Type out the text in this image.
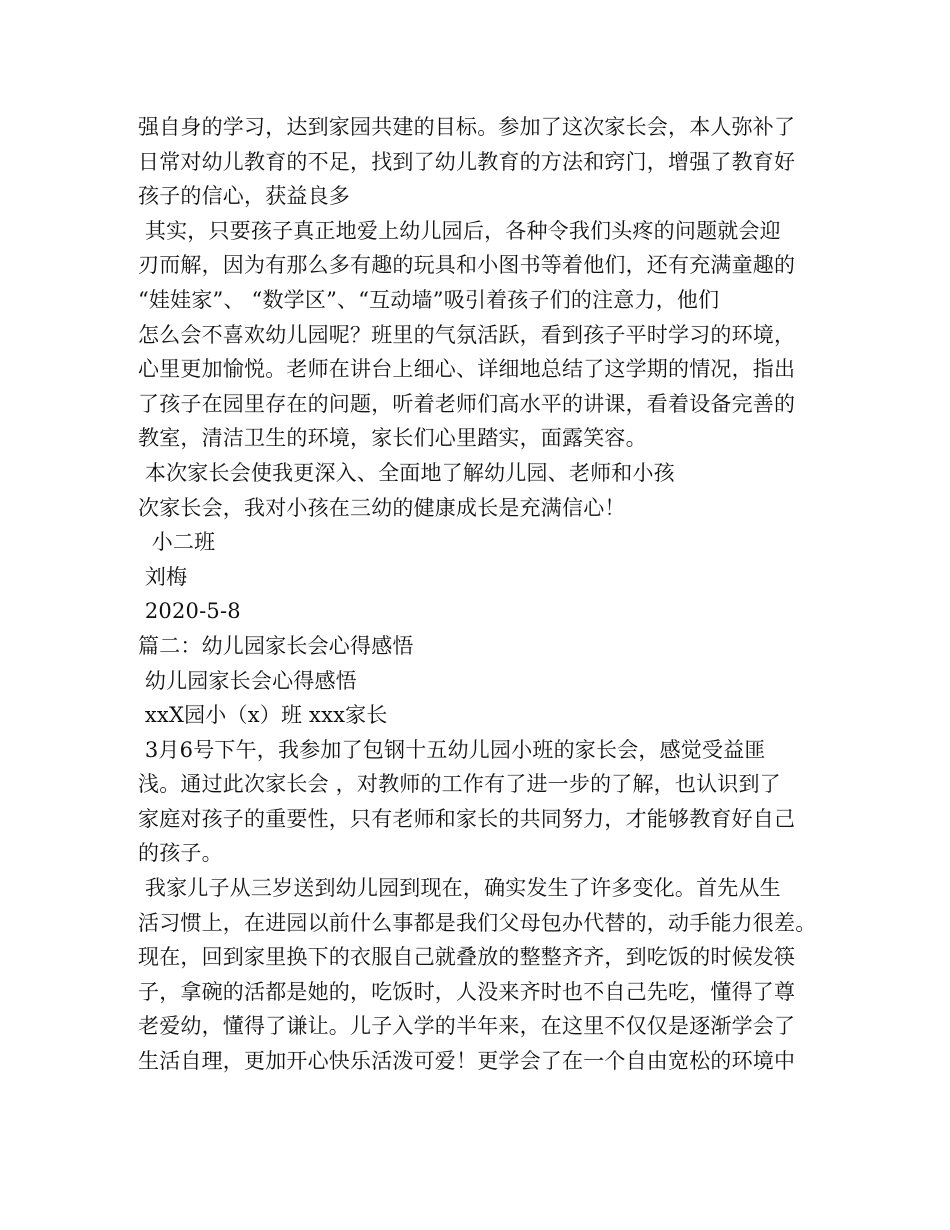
强自身的学习，达到家园共建的目标。参加了这次家长会，本人弥补了
日常对幼儿教育的不足，找到了幼儿教育的方法和窍门，增强了教育好
孩子的信心，获益良多
其实，只要孩子真正地爱上幼儿园后，各种令我们头疼的问题就会迎
刃而解，因为有那么多有趣的玩具和小图书等着他们，还有充满童趣的
“娃娃家”、 “数学区”、“互动墙”吸引着孩子们的注意力，他们
怎么会不喜欢幼儿园呢？班里的气氛活跃，看到孩子平时学习的环境，
心里更加愉悦。老师在讲台上细心、详细地总结了这学期的情况，指出
了孩子在园里存在的问题，听着老师们高水平的讲课，看着设备完善的
教室，清洁卫生的环境，家长们心里踏实，面露笑容。
本次家长会使我更深入、全面地了解幼儿园、老师和小孩
次家长会，我对小孩在三幼的健康成长是充满信心！
小二班
刘梅
2020-5-8
篇二：幼儿园家长会心得感悟
幼儿园家长会心得感悟
xxX园小（x）班 xxx家长
3月6号下午，我参加了包钢十五幼儿园小班的家长会，感觉受益匪
浅。通过此次家长会 ，对教师的工作有了进一步的了解，也认识到了
家庭对孩子的重要性，只有老师和家长的共同努力，才能够教育好自己
的孩子。
我家儿子从三岁送到幼儿园到现在，确实发生了许多变化。首先从生
活习惯上，在进园以前什么事都是我们父母包办代替的，动手能力很差。
现在，回到家里换下的衣服自己就叠放的整整齐齐，到吃饭的时候发筷
子，拿碗的活都是她的，吃饭时，人没来齐时也不自己先吃，懂得了尊
老爱幼，懂得了谦让。儿子入学的半年来，在这里不仅仅是逐渐学会了
生活自理，更加开心快乐活泼可爱！更学会了在一个自由宽松的环境中
